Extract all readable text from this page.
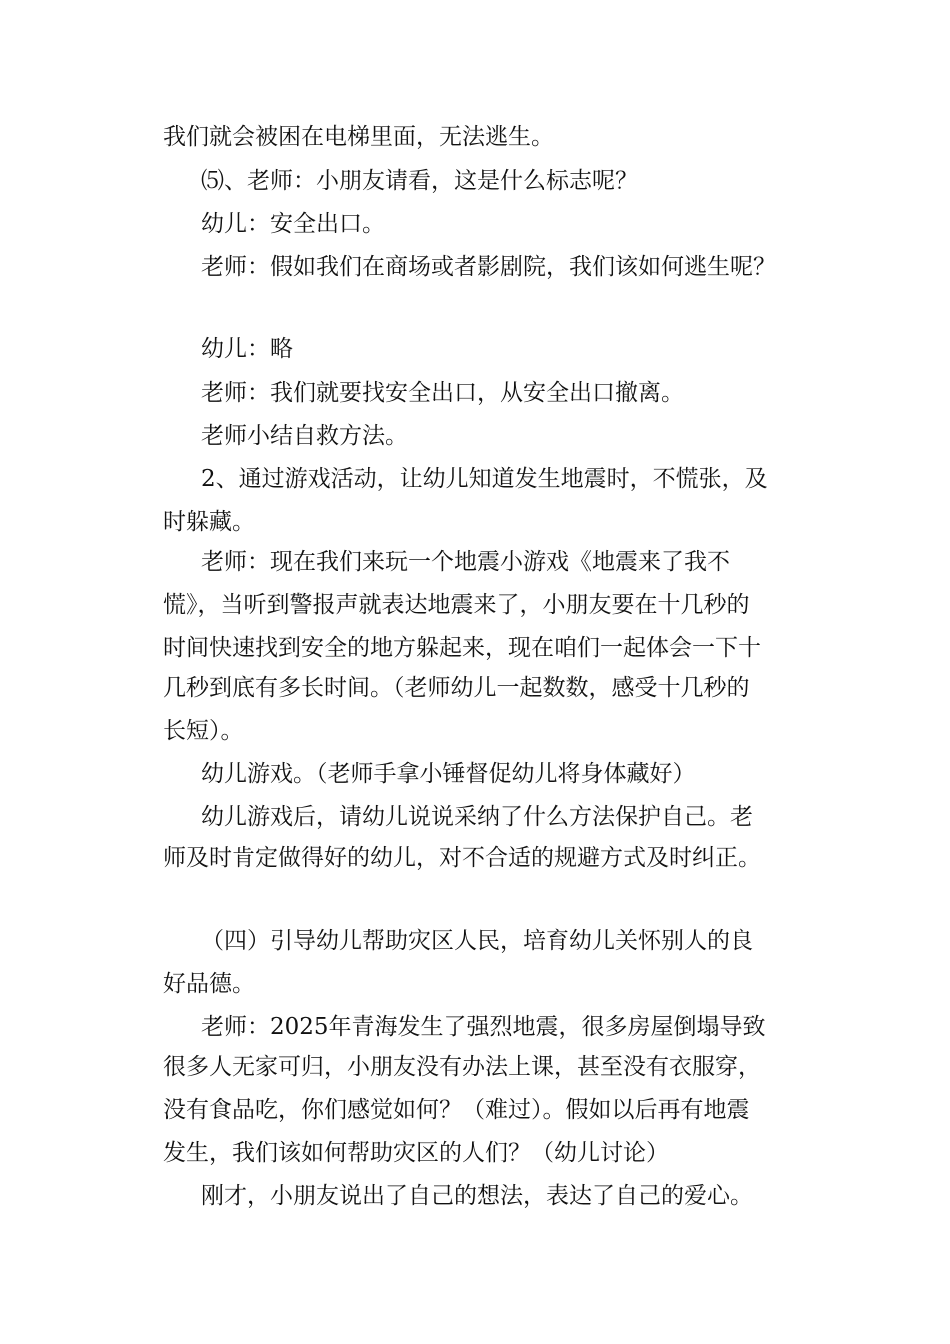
我们就会被困在电梯里面，无法逃生。

⑸、老师：小朋友请看，这是什么标志呢？

幼儿：安全出口。

老师：假如我们在商场或者影剧院，我们该如何逃生呢？

幼儿：略

老师：我们就要找安全出口，从安全出口撤离。

老师小结自救方法。

2、通过游戏活动，让幼儿知道发生地震时，不慌张，及

时躲藏。

老师：现在我们来玩一个地震小游戏《地震来了我不

慌》，当听到警报声就表达地震来了，小朋友要在十几秒的

时间快速找到安全的地方躲起来，现在咱们一起体会一下十

几秒到底有多长时间。（老师幼儿一起数数，感受十几秒的

长短）。

幼儿游戏。（老师手拿小锤督促幼儿将身体藏好）

幼儿游戏后，请幼儿说说采纳了什么方法保护自己。老

师及时肯定做得好的幼儿，对不合适的规避方式及时纠正。

（四）引导幼儿帮助灾区人民，培育幼儿关怀别人的良

好品德。

老师：2025年青海发生了强烈地震，很多房屋倒塌导致

很多人无家可归，小朋友没有办法上课，甚至没有衣服穿，

没有食品吃，你们感觉如何？（难过）。假如以后再有地震

发生，我们该如何帮助灾区的人们？（幼儿讨论）

刚才，小朋友说出了自己的想法，表达了自己的爱心。
